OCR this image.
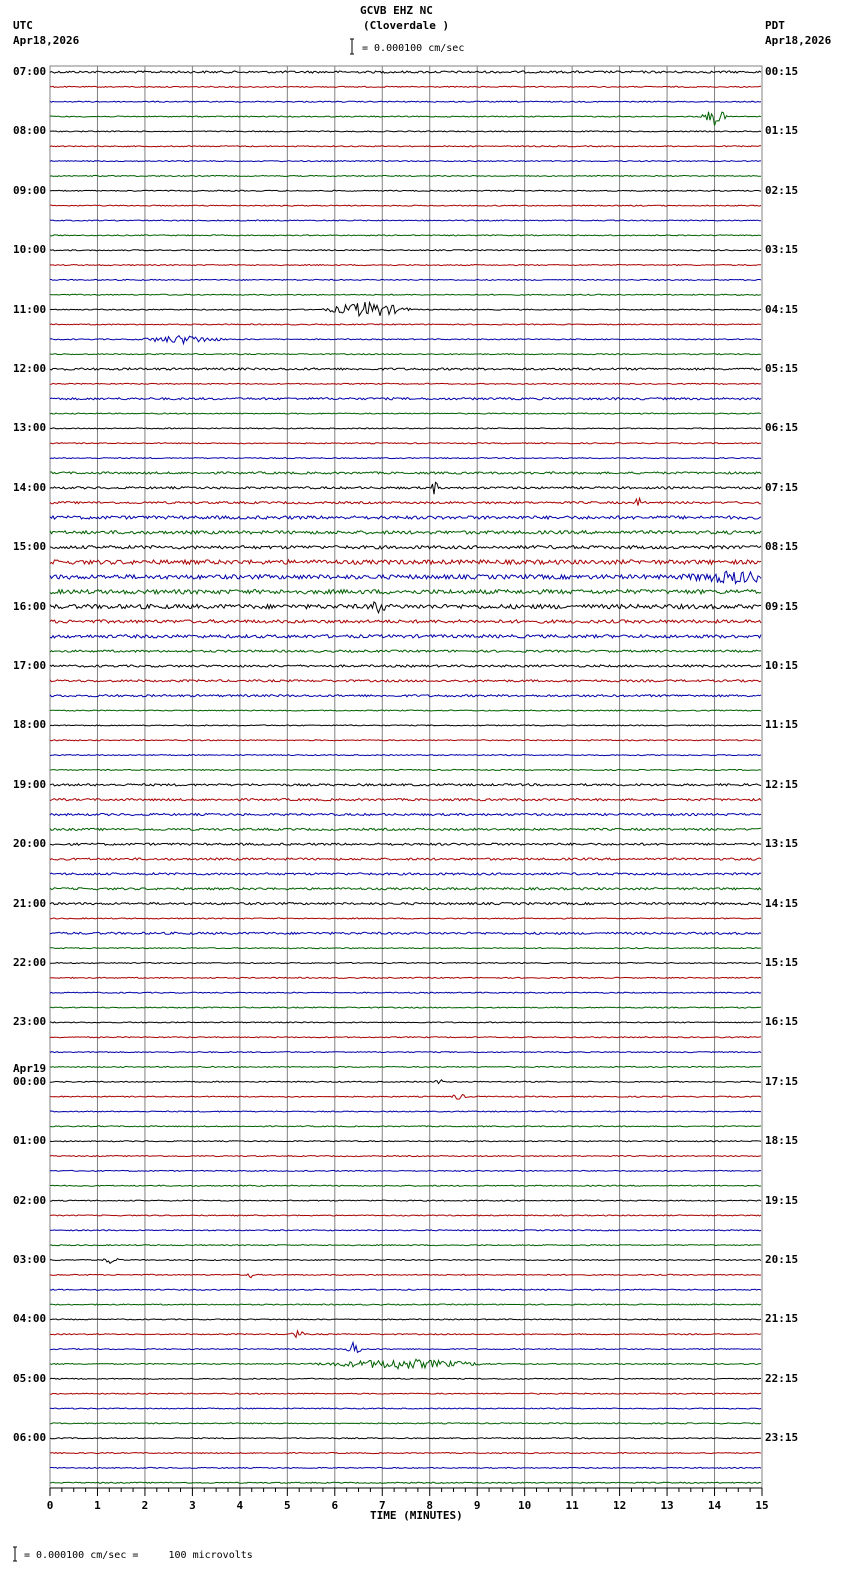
0	1	2	3	4	5	6	7	8	9	10	11	12	13	14	15
GCVB EHZ NC
(Cloverdale )
= 0.000100 cm/sec
UTC
Apr18,2026
PDT
Apr18,2026
Apr19
TIME (MINUTES)
= 0.000100 cm/sec =     100 microvolts
07:00
08:00
09:00
10:00
11:00
12:00
13:00
14:00
15:00
16:00
17:00
18:00
19:00
20:00
21:00
22:00
23:00
00:00
01:00
02:00
03:00
04:00
05:00
06:00
00:15
01:15
02:15
03:15
04:15
05:15
06:15
07:15
08:15
09:15
10:15
11:15
12:15
13:15
14:15
15:15
16:15
17:15
18:15
19:15
20:15
21:15
22:15
23:15
